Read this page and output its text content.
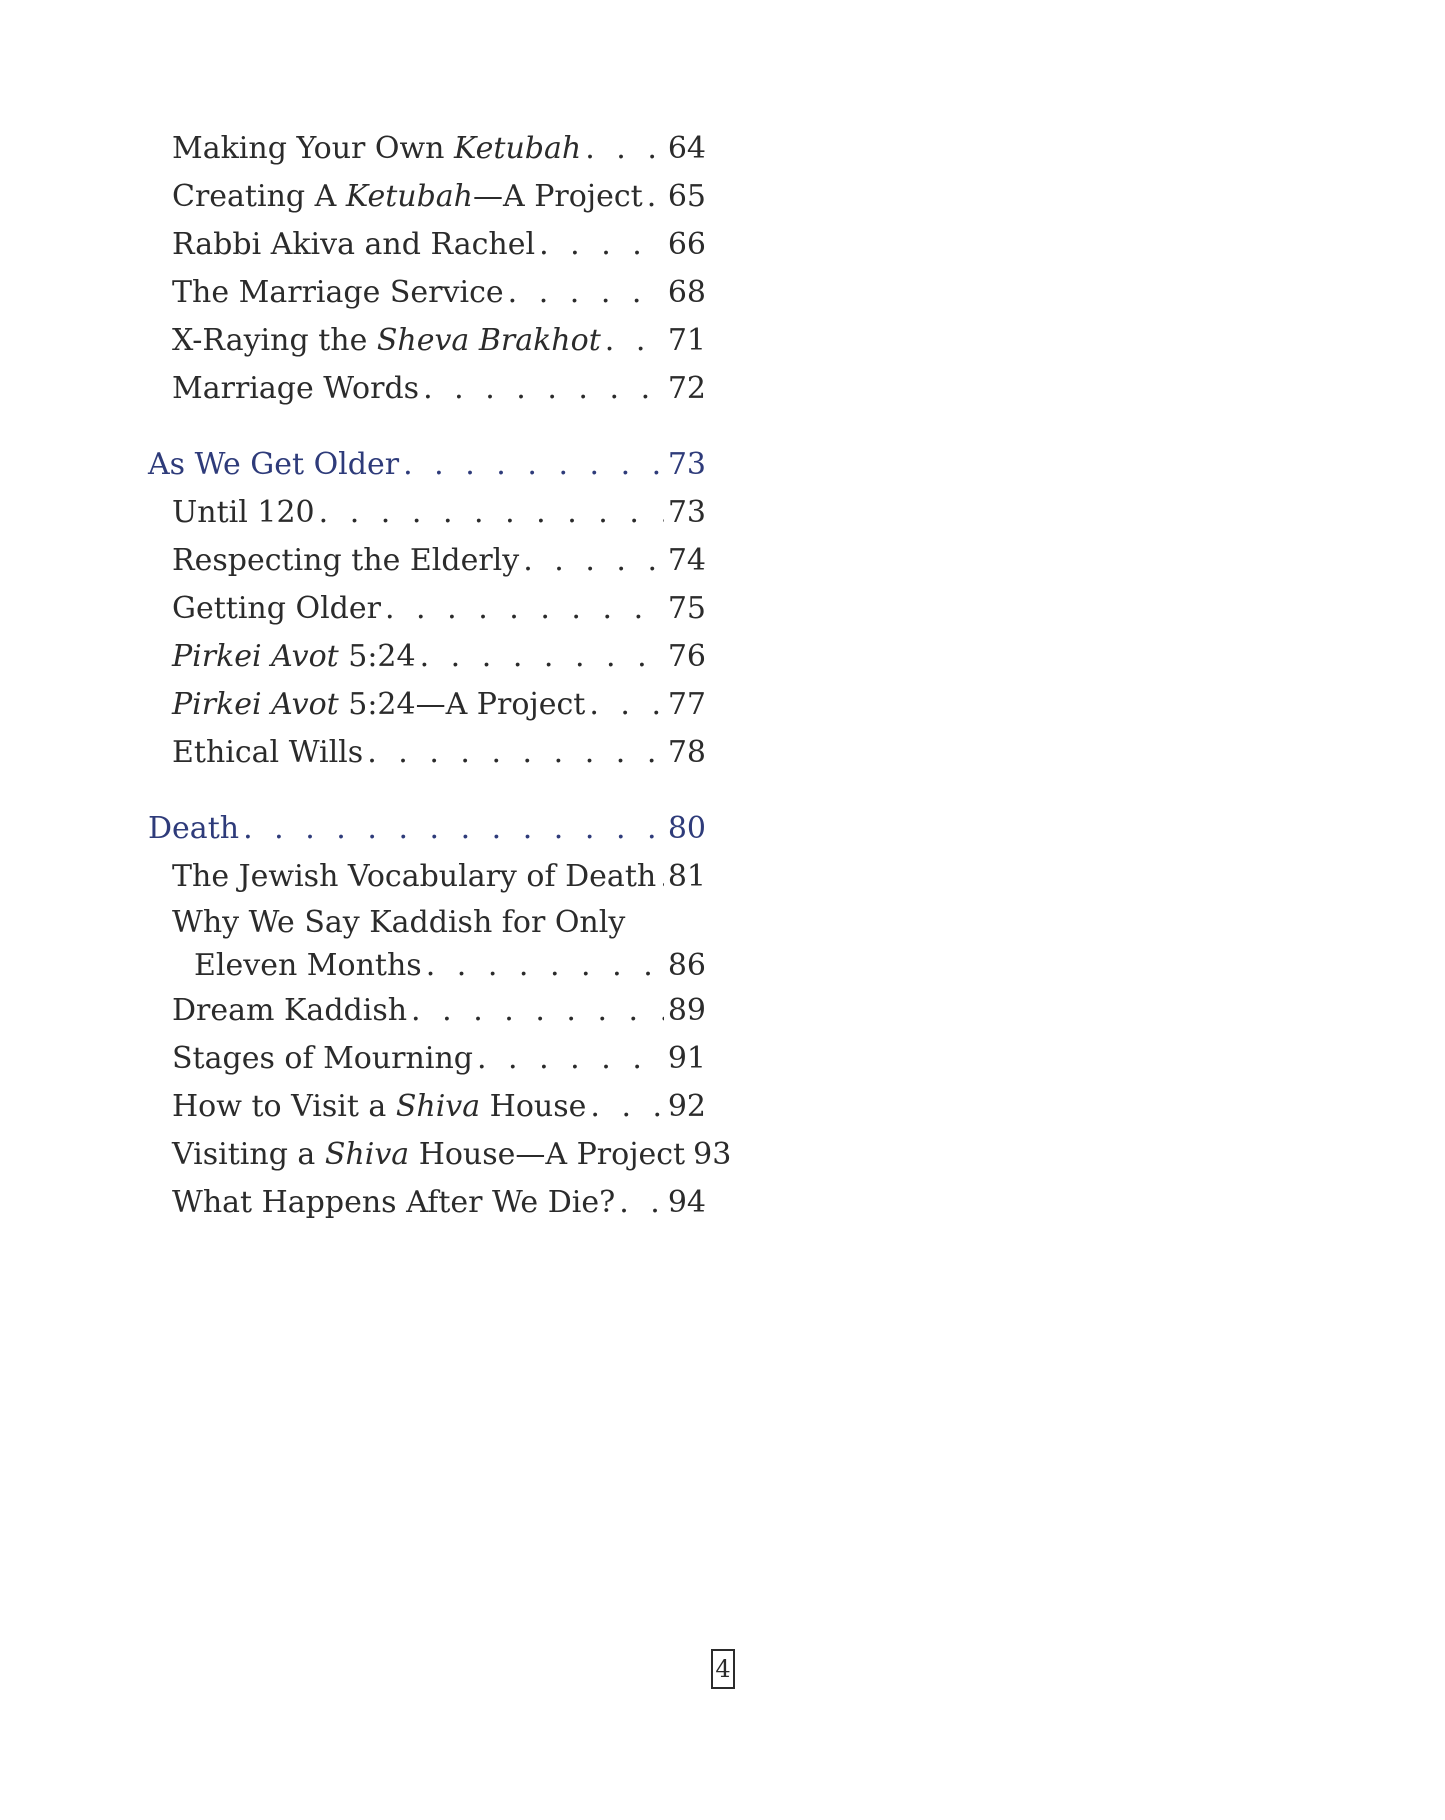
Making Your Own Ketubah . . .	64
Creating A Ketubah—A Project . . . 65
Rabbi Akiva and Rachel . . .	66
The Marriage Service . . .	68
X-Raying the Sheva Brakhot . . . 71
Marriage Words . . .	72
As We Get Older . . .	73
Until 120 . . .	73
Respecting the Elderly . . .	74
Getting Older . . .	75
Pirkei Avot 5:24 . . .	76
Pirkei Avot 5:24—A Project . . .	77
Ethical Wills . . .	78
Death . . .	80
The Jewish Vocabulary of Death . . . 81
Why We Say Kaddish for Only
Eleven Months . . .	86
Dream Kaddish . . .	89
Stages of Mourning . . .	91
How to Visit a Shiva House . . .	92
Visiting a Shiva House—A Project 93
What Happens After We Die? . . . 94
4
